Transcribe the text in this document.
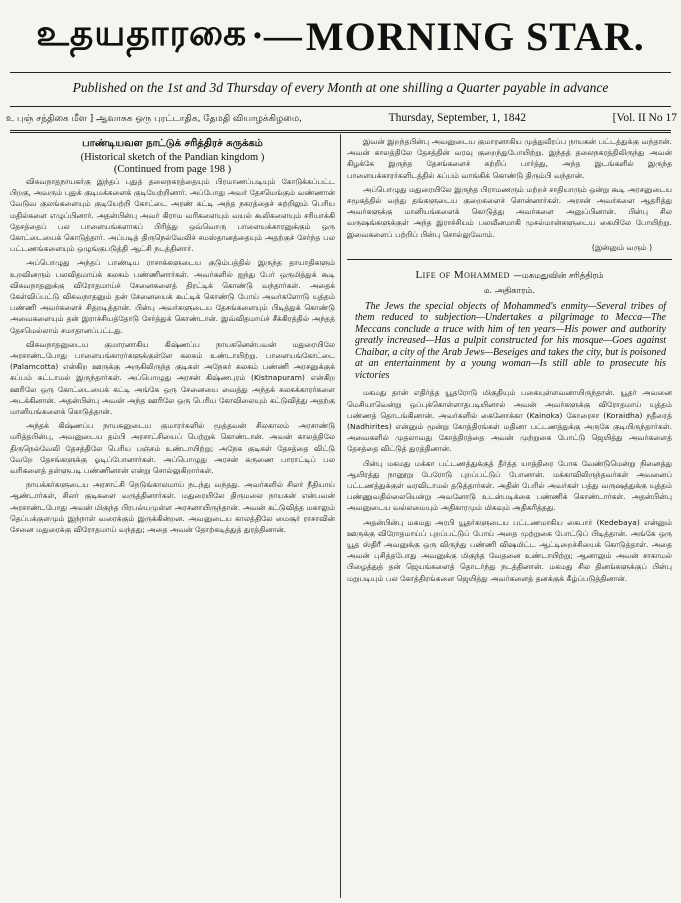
உதயதாரகை ·— MORNING STAR.
Published on the 1st and 3d Thursday of every Month at one shilling a Quarter payable in advance
உ புஞ் சந்திகை மீள ] ஆவாசுக ஒரு புரட்டாதிக, தேமதி வியாழக்கிழமை,	Thursday, September, 1, 1842	[Vol. II No 17
பாண்டியவள நாட்டுக் சரித்திரச் சுருக்கம்
(Historical sketch of the Pandian kingdom )
(Continued from page 198 )

விசுவநாதநாயகர்கு இந்தப் புதுத் தலைநகரத்தையும் பிரமாணப்படியும் கோடுக்கப்பட்ட பிறகு, அவரும் புதுக் குடிமக்களைக் குடியேற்றினார். அப்போது அவர் தேசமெங்கும் வண்ணான் வேடுவ குலங்களையும் குடியேற்றி கோட்டை அரண் கட்டி அந்த நகரத்தைச் சுற்றிலும் பெரிய மதில்களை எழுப்பினார். அதன்பின்பு அவர் கிராம வரிகளையும் வயல் கூலிகளையும் சரியாக்கி தேசத்தைப் பல பாளையங்களாகப் பிரித்து ஒவ்வொரு பாளையக்காரனுக்கும் ஒரு கோட்டையைக் கொடுத்தார். அப்படித் திருநெல்வேலிச் சமஸ்தானத்தையும் அதற்குச் சேர்ந்த பல பட்டணங்களையும் ஒழுங்குபடுத்தி ஆட்சி நடத்தினார்.

அப்பொழுது அந்தப் பாண்டிய ராசாக்களுடைய குடும்பத்தில் இருந்த தாயாதிகளும் உறவினரும் பலவிதமாய்க் கலகம் பண்ணினார்கள். அவர்களில் ஐந்து பேர் ஒருமித்துக் கூடி விசுவநாதனுக்கு விரோதமாய்ச் சேனைகளைத் திரட்டிக் கொண்டு வந்தார்கள். அதைக் கேள்விப்பட்டு விசுவநாதனும் தன் சேனையைக் கூட்டிக் கொண்டு போய் அவர்களோடு யுத்தம் பண்ணி அவர்களைச் சிதறடித்தான். பின்பு அவர்களுடைய தேசங்களையும் பிடித்துக் கொண்டு அவைகளையும் தன் இராச்சியத்தோடு சேர்த்துக் கொண்டான். இவ்விதமாய்ச் சீக்கிரத்தில் அந்தத் தேசமெல்லாம் சமாதானப்பட்டது.

விசுவநாதனுடைய குமாரனாகிய கிஷ்ணப்ப நாயகனென்பவன் மதுரையிலே அரசாண்டபோது பாளையங்காரர்களுக்குள்ளே கலகம் உண்டாயிற்று. பாளையங்கோட்டை (Palamcotta) என்கிற ஊருக்கு அருகிலிருந்த குடிகள் அநேகர் கலகம் பண்ணி அரசனுக்குக் கப்பம் கட்டாமல் இருந்தார்கள். அப்பொழுது அரசன் கிஷ்ணபுரம் (Kistnapuram) என்கிற ஊரிலே ஒரு கோட்டையைக் கட்டி அங்கே ஒரு சேனையை வைத்து அந்தக் கலகக்காரர்களை அடக்கினான். அதன்பின்பு அவன் அந்த ஊரிலே ஒரு பெரிய கோவிலையும் கட்டுவித்து அதற்கு மானியங்களைக் கொடுத்தான்.

அந்தக் கிஷ்ணப்ப நாயகனுடைய குமாரர்களில் மூத்தவன் சிலகாலம் அரசாண்டு மரித்தபின்பு, அவனுடைய தம்பி அரசாட்சியைப் பெற்றுக் கொண்டான். அவன் காலத்திலே திருநெல்வேலி தேசத்திலே பெரிய பஞ்சம் உண்டாயிற்று; அநேக குடிகள் தேசத்தை விட்டு வேறே தேசங்களுக்கு ஓடிப்போனார்கள். அப்பொழுது அரசன் கருணை பாராட்டிப் பல வரிகளைத் தள்ளுபடி பண்ணினான் என்று சொல்லுகிறார்கள்.

நாயக்கர்களுடைய அரசாட்சி நெடுங்காலமாய் நடந்து வந்தது. அவர்களில் சிலர் நீதியாய் ஆண்டார்கள், சிலர் குடிகளை வருத்தினார்கள். மதுரையிலே திருமலை நாயகன் என்பவன் அரசாண்டபோது அவன் மிகுந்த பிரபல்யமுள்ள அரசனாயிருந்தான். அவன் கட்டுவித்த மகாலும் தெப்பக்குளமும் இந்நாள் வரைக்கும் இருக்கின்றன. அவனுடைய காலத்திலே மைசூர் ராசாவின் சேனை மதுரைக்கு விரோதமாய் வந்தது; அதை அவன் தோற்கடித்துத் துரத்தினான்.

இவன் இறந்தபின்பு அவனுடைய குமாரனாகிய முத்துவீரப்ப நாயகன் பட்டத்துக்கு வந்தான். அவன் காலத்திலே தேசத்தின் வரவு குறைந்துபோயிற்று. இந்தத் தலைநகரத்திலிருந்து அவன் கிழக்கே இருந்த தேசங்களைச் சுற்றிப் பார்த்து, அந்த இடங்களில் இருந்த பாளையக்காரர்களிடத்தில் கப்பம் வாங்கிக் கொண்டு திரும்பி வந்தான்.

அப்பொழுது மதுரையிலே இருந்த பிராமணரும் மற்றச் சாதியாரும் ஒன்று கூடி அரசனுடைய சமூகத்தில் வந்து தங்களுடைய குறைகளைச் சொன்னார்கள். அரசன் அவர்களை ஆதரித்து அவர்களுக்கு மானியங்களைக் கொடுத்து அவர்களை அனுப்பினான். பின்பு சில வருஷங்களுக்குள் அந்த இராச்சியம் பலவீனமாகி முசல்மான்களுடைய கையிலே போயிற்று. இவைகளைப் பற்றிப் பின்பு சொல்லுவோம்.

(இன்னும் வரும் )
Life of Mohammed —மகமதுவின் சரித்திரம்
௰. அதிகாரம்.

The Jews the special objects of Mohammed's enmity—Several tribes of them reduced to subjection—Undertakes a pilgrimage to Mecca—The Meccans conclude a truce with him of ten years—His power and authority greatly increased—Has a pulpit constructed for his mosque—Goes against Chaibar, a city of the Arab Jews—Beseiges and takes the city, but is poisoned at an entertainment by a young woman—Is still able to prosecute his victories

மகமது தான் எதிர்த்த யூதரோடு மிகுதியும் பகையுள்ளவனாயிருந்தான். யூதர் அவனை மெசியாவென்று ஒப்புக்கொள்ளாதபடியினால் அவன் அவர்களுக்கு விரோதமாய் யுத்தம் பண்ணத் தொடங்கினான். அவர்களில் கைனோக்கா (Kainoka) கோரைசா (Koraidha) நதீரைத் (Nadhirites) என்னும் மூன்று கோத்திரங்கள் மதினா பட்டணத்துக்கு அருகே குடியிருந்தார்கள். அவைகளில் முதலாவது கோத்திரத்தை அவன் முற்றுகை போட்டு ஜெயித்து அவர்களைத் தேசத்தை விட்டுத் துரத்தினான்.

பின்பு மகமது மக்கா பட்டணத்துக்குத் தீர்த்த யாத்திரை போக வேண்டுமென்று நினைத்து ஆயிரத்து நானூறு பேரோடு புறப்பட்டுப் போனான். மக்காவிலிருந்தவர்கள் அவனைப் பட்டணத்துக்குள் வரவிடாமல் தடுத்தார்கள். அதின் பேரில் அவர்கள் பத்து வருஷத்துக்கு யுத்தம் பண்ணுவதில்லையென்று அவனோடு உடன்படிக்கை பண்ணிக் கொண்டார்கள். அதன்பின்பு அவனுடைய வல்லமையும் அதிகாரமும் மிகவும் அதிகரித்தது.

அதன்பின்பு மகமது அரபி யூதர்களுடைய பட்டணமாகிய கைபார் (Kedebaya) என்னும் ஊருக்கு விரோதமாய்ப் புறப்பட்டுப் போய் அதை முற்றுகை போட்டுப் பிடித்தான். அங்கே ஒரு யூத ஸ்திரீ அவனுக்கு ஒரு விருந்து பண்ணி விஷமிட்ட ஆட்டிறைச்சியைக் கொடுத்தாள். அதை அவன் புசித்தபோது அவனுக்கு மிகுந்த வேதனை உண்டாயிற்று; ஆனாலும் அவன் சாகாமல் பிழைத்துத் தன் ஜெயங்களைத் தொடர்ந்து நடத்தினான். மகமது சில தினங்களுக்குப் பின்பு மறுபடியும் பல கோத்திரங்களை ஜெயித்து அவர்களைத் தனக்குக் கீழ்ப்படுத்தினான்.
